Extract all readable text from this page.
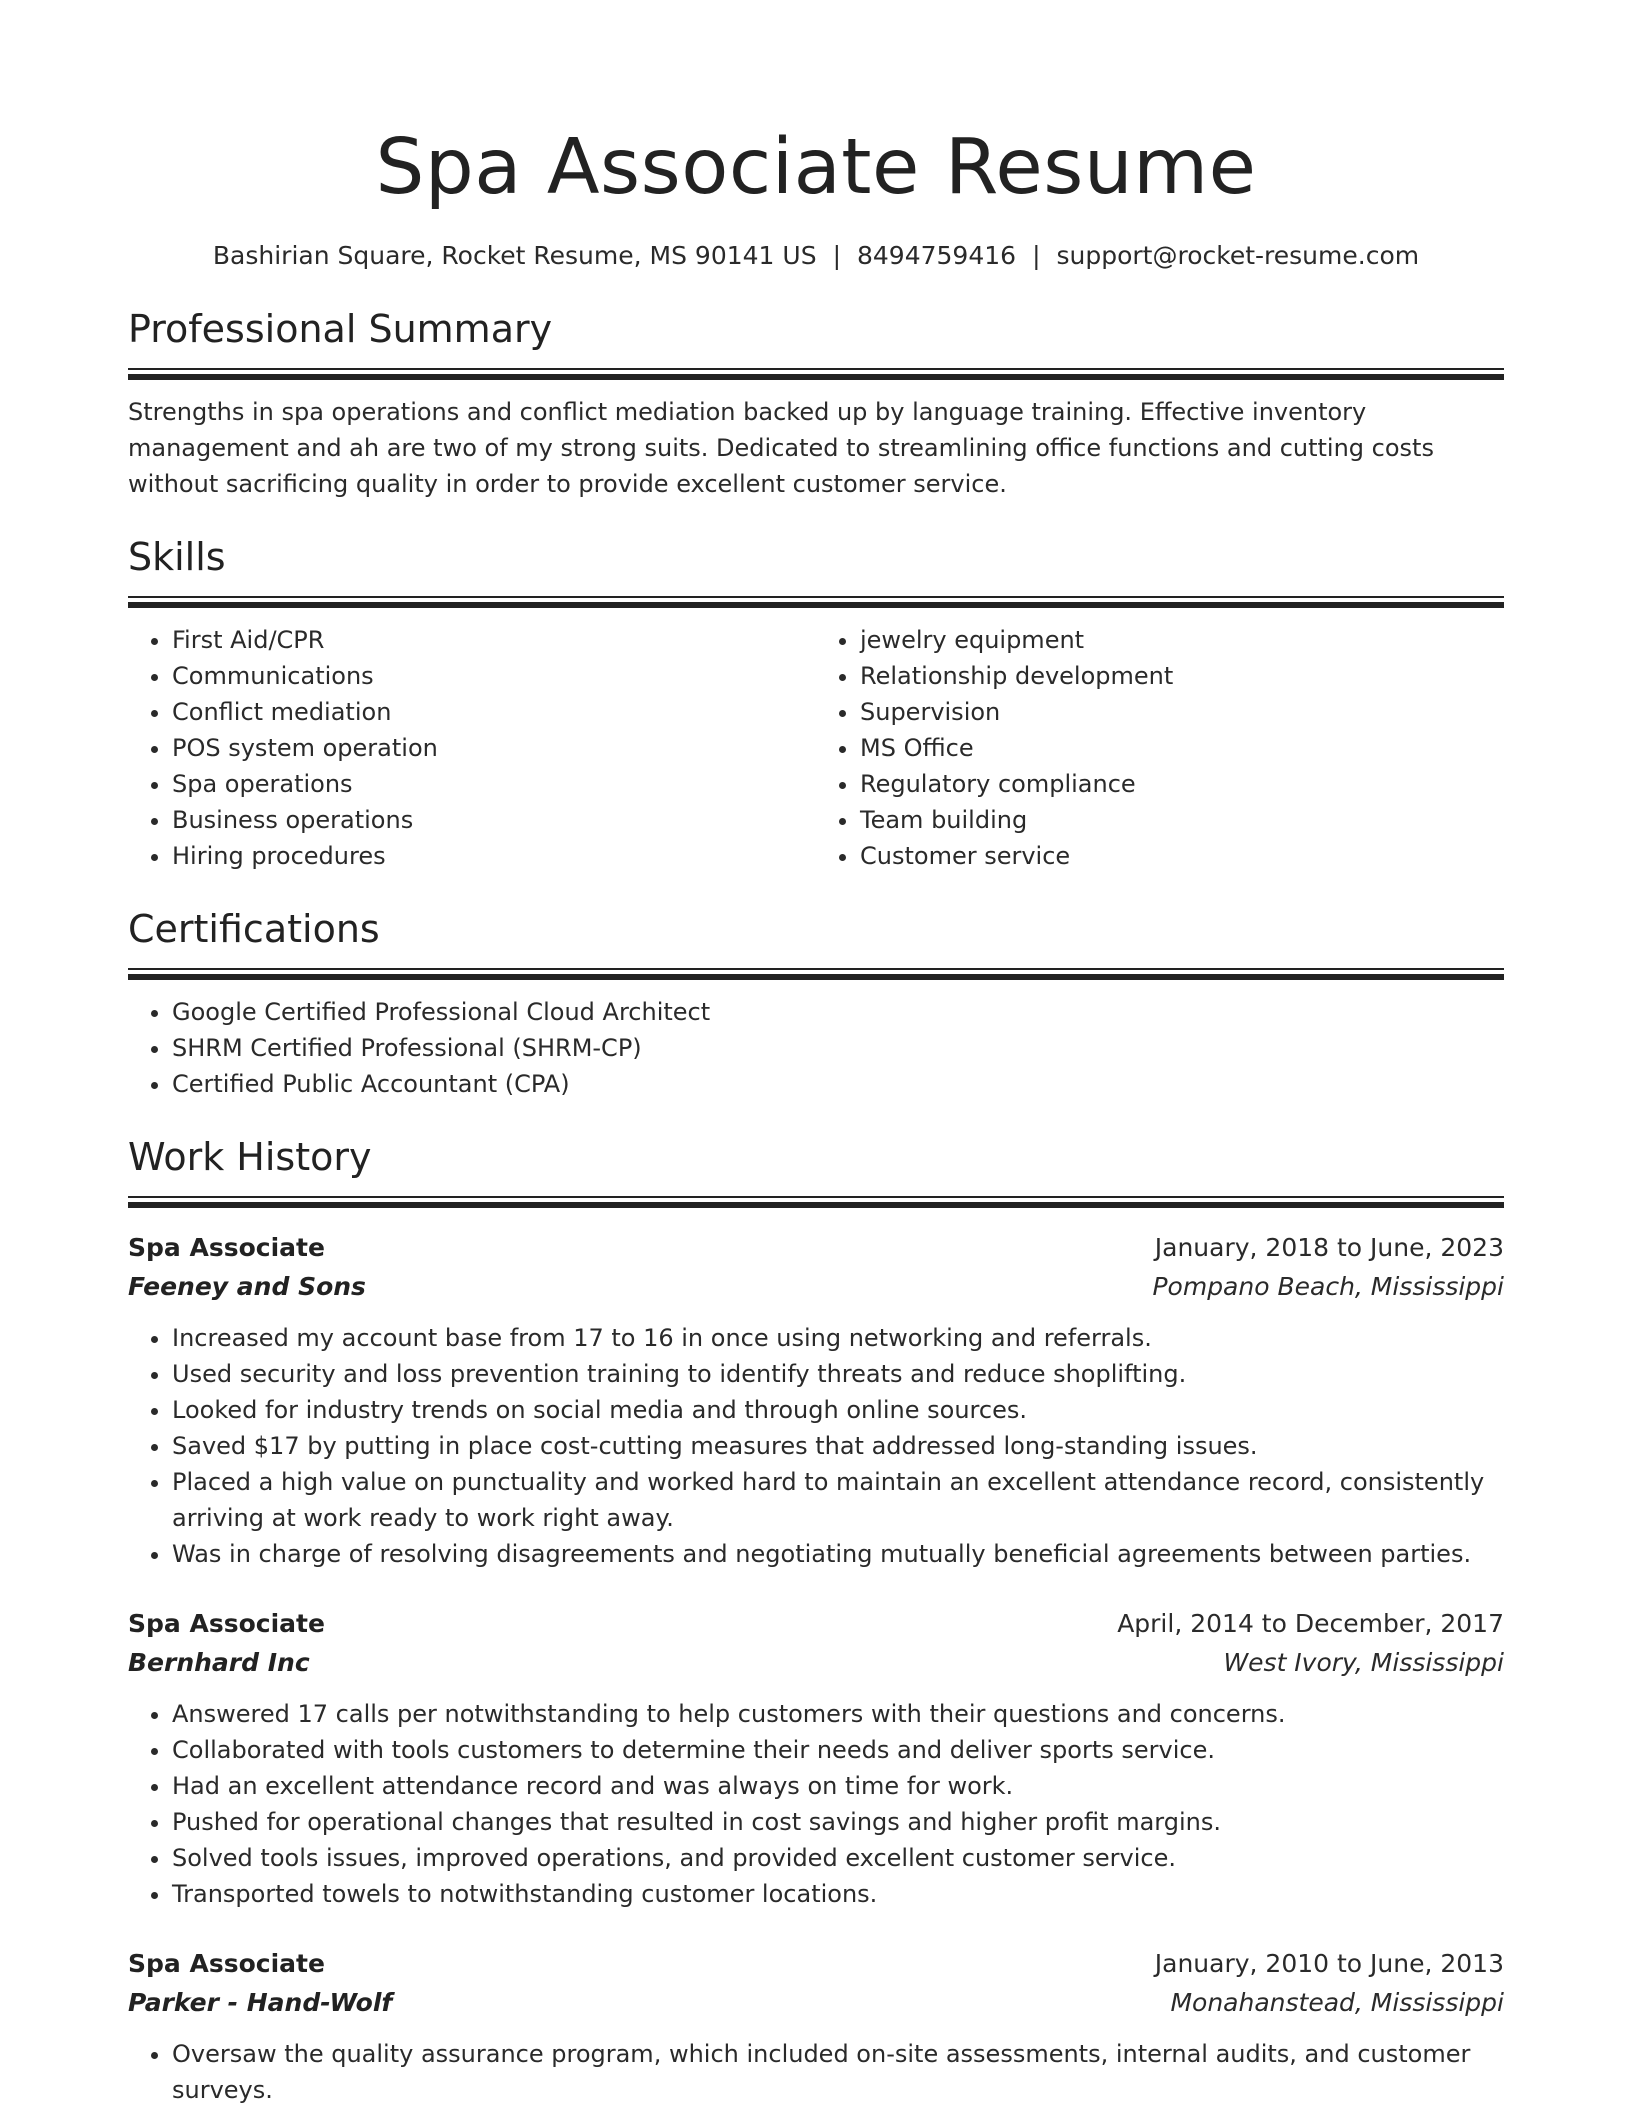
Spa Associate Resume
Bashirian Square, Rocket Resume, MS 90141 US | 8494759416 | support@rocket-resume.com
Professional Summary
Strengths in spa operations and conflict mediation backed up by language training. Effective inventory management and ah are two of my strong suits. Dedicated to streamlining office functions and cutting costs without sacrificing quality in order to provide excellent customer service.
Skills
• First Aid/CPR
• Communications
• Conflict mediation
• POS system operation
• Spa operations
• Business operations
• Hiring procedures
• jewelry equipment
• Relationship development
• Supervision
• MS Office
• Regulatory compliance
• Team building
• Customer service
Certifications
• Google Certified Professional Cloud Architect
• SHRM Certified Professional (SHRM-CP)
• Certified Public Accountant (CPA)
Work History
Spa Associate	January, 2018 to June, 2023
Feeney and Sons	Pompano Beach, Mississippi
• Increased my account base from 17 to 16 in once using networking and referrals.
• Used security and loss prevention training to identify threats and reduce shoplifting.
• Looked for industry trends on social media and through online sources.
• Saved $17 by putting in place cost-cutting measures that addressed long-standing issues.
• Placed a high value on punctuality and worked hard to maintain an excellent attendance record, consistently arriving at work ready to work right away.
• Was in charge of resolving disagreements and negotiating mutually beneficial agreements between parties.
Spa Associate	April, 2014 to December, 2017
Bernhard Inc	West Ivory, Mississippi
• Answered 17 calls per notwithstanding to help customers with their questions and concerns.
• Collaborated with tools customers to determine their needs and deliver sports service.
• Had an excellent attendance record and was always on time for work.
• Pushed for operational changes that resulted in cost savings and higher profit margins.
• Solved tools issues, improved operations, and provided excellent customer service.
• Transported towels to notwithstanding customer locations.
Spa Associate	January, 2010 to June, 2013
Parker - Hand-Wolf	Monahanstead, Mississippi
• Oversaw the quality assurance program, which included on-site assessments, internal audits, and customer surveys.
